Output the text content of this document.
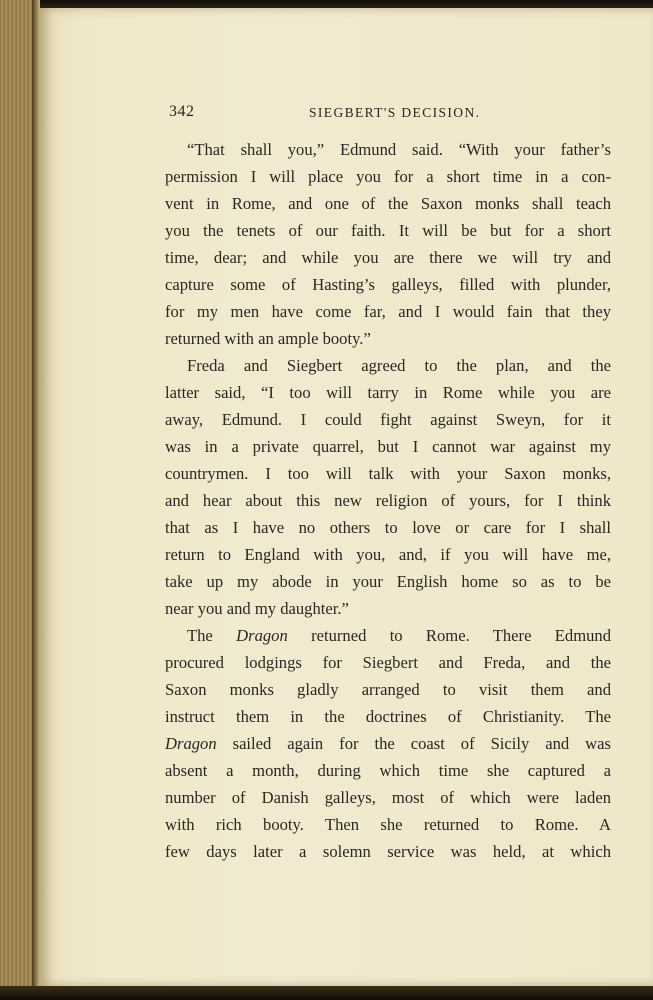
342	SIEGBERT'S DECISION.
“That shall you,” Edmund said. “With your father’s
permission I will place you for a short time in a con-
vent in Rome, and one of the Saxon monks shall teach
you the tenets of our faith. It will be but for a short
time, dear; and while you are there we will try and
capture some of Hasting’s galleys, filled with plunder,
for my men have come far, and I would fain that they
returned with an ample booty.”
Freda and Siegbert agreed to the plan, and the
latter said, “I too will tarry in Rome while you are
away, Edmund. I could fight against Sweyn, for it
was in a private quarrel, but I cannot war against my
countrymen. I too will talk with your Saxon monks,
and hear about this new religion of yours, for I think
that as I have no others to love or care for I shall
return to England with you, and, if you will have me,
take up my abode in your English home so as to be
near you and my daughter.”
The Dragon returned to Rome. There Edmund
procured lodgings for Siegbert and Freda, and the
Saxon monks gladly arranged to visit them and
instruct them in the doctrines of Christianity. The
Dragon sailed again for the coast of Sicily and was
absent a month, during which time she captured a
number of Danish galleys, most of which were laden
with rich booty. Then she returned to Rome. A
few days later a solemn service was held, at which
